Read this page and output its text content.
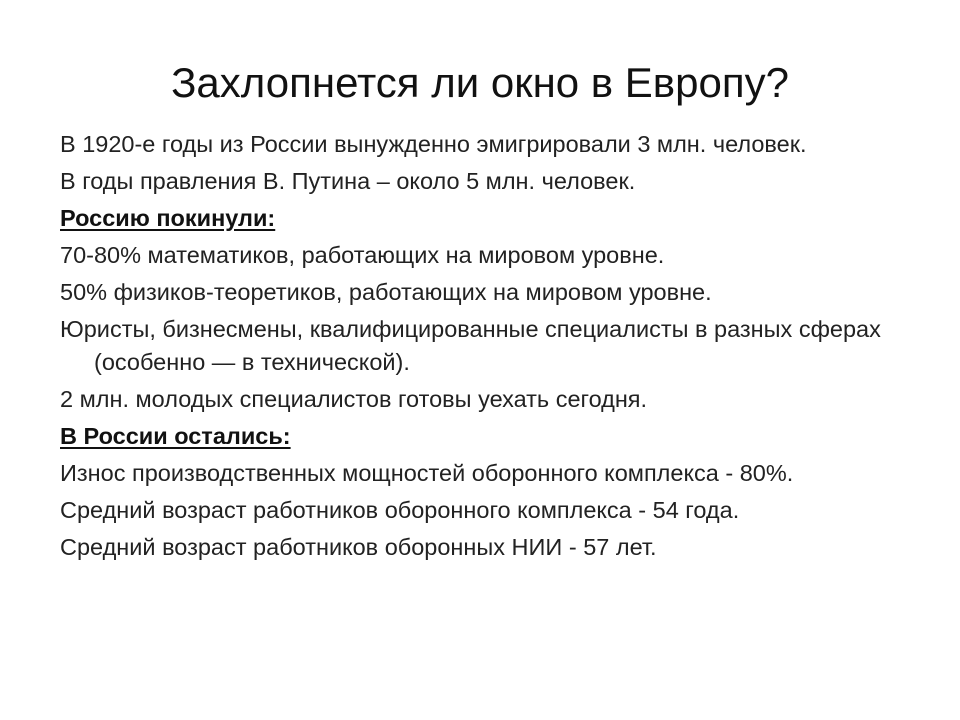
Захлопнется ли окно в Европу?
В 1920-е годы из России вынужденно эмигрировали 3 млн. человек.
В годы правления В. Путина – около 5 млн. человек.
Россию покинули:
70-80% математиков, работающих на мировом уровне.
50% физиков-теоретиков, работающих на мировом уровне.
Юристы, бизнесмены, квалифицированные специалисты в разных сферах (особенно — в технической).
2 млн. молодых специалистов готовы уехать сегодня.
В России остались:
Износ производственных мощностей оборонного комплекса - 80%.
Средний возраст работников оборонного комплекса - 54 года.
Средний возраст работников оборонных НИИ - 57 лет.
